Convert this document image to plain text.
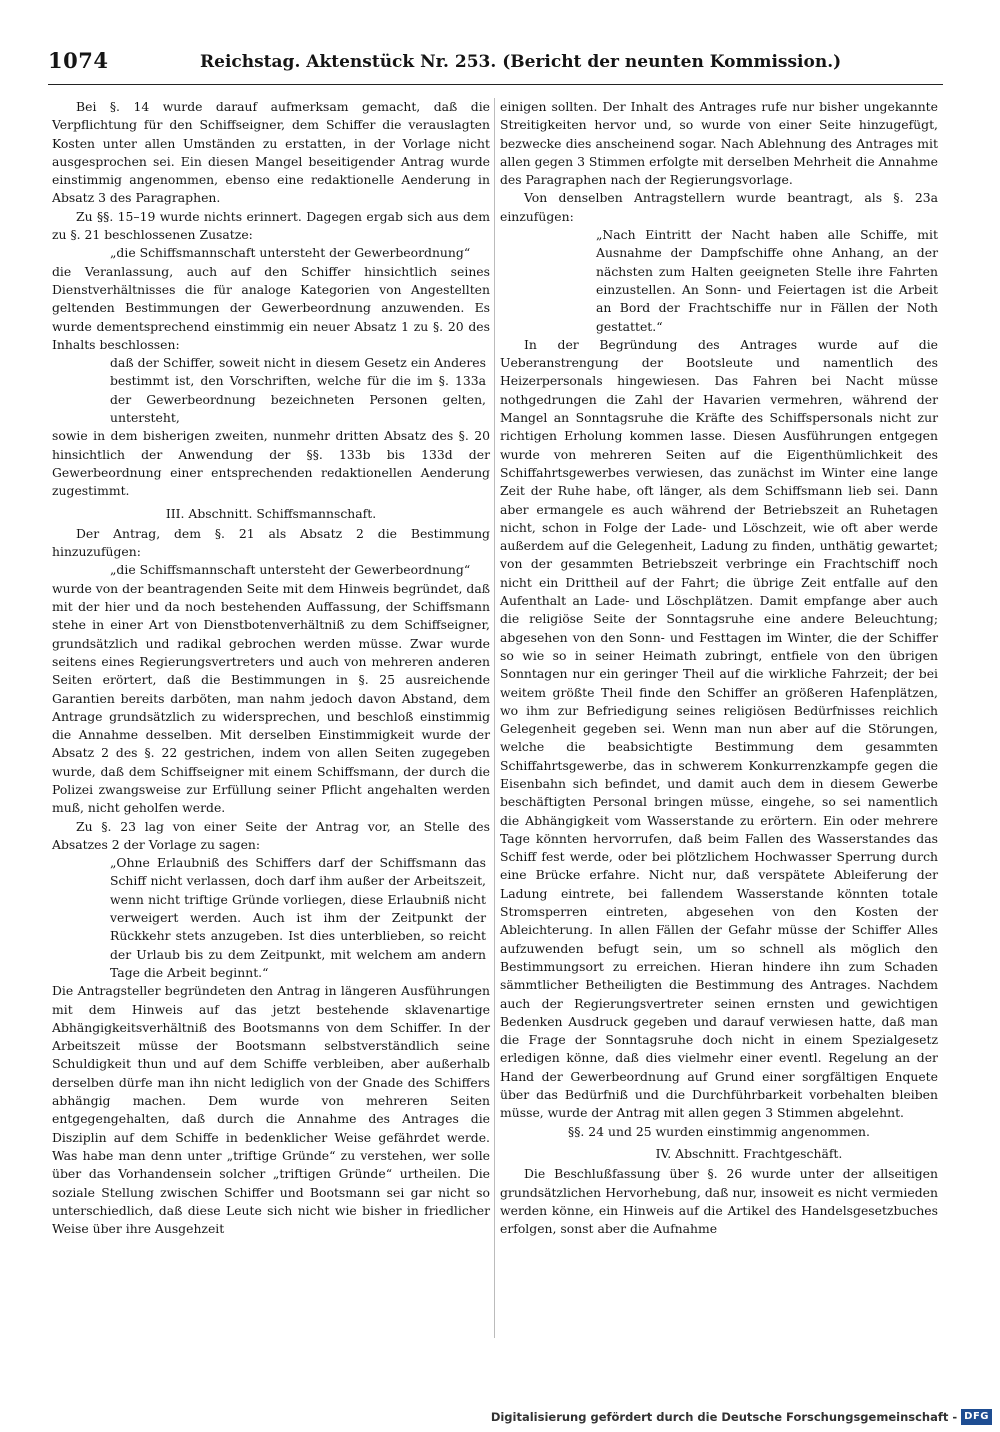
1074	Reichstag. Aktenstück Nr. 253. (Bericht der neunten Kommission.)

Bei §. 14 wurde darauf aufmerksam gemacht, daß die Verpflichtung für den Schiffseigner, dem Schiffer die verauslagten Kosten unter allen Umständen zu erstatten, in der Vorlage nicht ausgesprochen sei. Ein diesen Mangel beseitigender Antrag wurde einstimmig angenommen, ebenso eine redaktionelle Aenderung in Absatz 3 des Paragraphen.

Zu §§. 15–19 wurde nichts erinnert. Dagegen ergab sich aus dem zu §. 21 beschlossenen Zusatze:

„die Schiffsmannschaft untersteht der Gewerbeordnung“

die Veranlassung, auch auf den Schiffer hinsichtlich seines Dienstverhältnisses die für analoge Kategorien von Angestellten geltenden Bestimmungen der Gewerbeordnung anzuwenden. Es wurde dementsprechend einstimmig ein neuer Absatz 1 zu §. 20 des Inhalts beschlossen:

daß der Schiffer, soweit nicht in diesem Gesetz ein Anderes bestimmt ist, den Vorschriften, welche für die im §. 133a der Gewerbeordnung bezeichneten Personen gelten, untersteht,

sowie in dem bisherigen zweiten, nunmehr dritten Absatz des §. 20 hinsichtlich der Anwendung der §§. 133b bis 133d der Gewerbeordnung einer entsprechenden redaktionellen Aenderung zugestimmt.

III. Abschnitt. Schiffsmannschaft.

Der Antrag, dem §. 21 als Absatz 2 die Bestimmung hinzuzufügen:

„die Schiffsmannschaft untersteht der Gewerbeordnung“

wurde von der beantragenden Seite mit dem Hinweis begründet, daß mit der hier und da noch bestehenden Auffassung, der Schiffsmann stehe in einer Art von Dienstbotenverhältniß zu dem Schiffseigner, grundsätzlich und radikal gebrochen werden müsse. Zwar wurde seitens eines Regierungsvertreters und auch von mehreren anderen Seiten erörtert, daß die Bestimmungen in §. 25 ausreichende Garantien bereits darböten, man nahm jedoch davon Abstand, dem Antrage grundsätzlich zu widersprechen, und beschloß einstimmig die Annahme desselben. Mit derselben Einstimmigkeit wurde der Absatz 2 des §. 22 gestrichen, indem von allen Seiten zugegeben wurde, daß dem Schiffseigner mit einem Schiffsmann, der durch die Polizei zwangsweise zur Erfüllung seiner Pflicht angehalten werden muß, nicht geholfen werde.

Zu §. 23 lag von einer Seite der Antrag vor, an Stelle des Absatzes 2 der Vorlage zu sagen:

„Ohne Erlaubniß des Schiffers darf der Schiffsmann das Schiff nicht verlassen, doch darf ihm außer der Arbeitszeit, wenn nicht triftige Gründe vorliegen, diese Erlaubniß nicht verweigert werden. Auch ist ihm der Zeitpunkt der Rückkehr stets anzugeben. Ist dies unterblieben, so reicht der Urlaub bis zu dem Zeitpunkt, mit welchem am andern Tage die Arbeit beginnt.“

Die Antragsteller begründeten den Antrag in längeren Ausführungen mit dem Hinweis auf das jetzt bestehende sklavenartige Abhängigkeitsverhältniß des Bootsmanns von dem Schiffer. In der Arbeitszeit müsse der Bootsmann selbstverständlich seine Schuldigkeit thun und auf dem Schiffe verbleiben, aber außerhalb derselben dürfe man ihn nicht lediglich von der Gnade des Schiffers abhängig machen. Dem wurde von mehreren Seiten entgegengehalten, daß durch die Annahme des Antrages die Disziplin auf dem Schiffe in bedenklicher Weise gefährdet werde. Was habe man denn unter „triftige Gründe“ zu verstehen, wer solle über das Vorhandensein solcher „triftigen Gründe“ urtheilen. Die soziale Stellung zwischen Schiffer und Bootsmann sei gar nicht so unterschiedlich, daß diese Leute sich nicht wie bisher in friedlicher Weise über ihre Ausgehzeit

einigen sollten. Der Inhalt des Antrages rufe nur bisher ungekannte Streitigkeiten hervor und, so wurde von einer Seite hinzugefügt, bezwecke dies anscheinend sogar. Nach Ablehnung des Antrages mit allen gegen 3 Stimmen erfolgte mit derselben Mehrheit die Annahme des Paragraphen nach der Regierungsvorlage.

Von denselben Antragstellern wurde beantragt, als §. 23a einzufügen:

„Nach Eintritt der Nacht haben alle Schiffe, mit Ausnahme der Dampfschiffe ohne Anhang, an der nächsten zum Halten geeigneten Stelle ihre Fahrten einzustellen. An Sonn- und Feiertagen ist die Arbeit an Bord der Frachtschiffe nur in Fällen der Noth gestattet.“

In der Begründung des Antrages wurde auf die Ueberanstrengung der Bootsleute und namentlich des Heizerpersonals hingewiesen. Das Fahren bei Nacht müsse nothgedrungen die Zahl der Havarien vermehren, während der Mangel an Sonntagsruhe die Kräfte des Schiffspersonals nicht zur richtigen Erholung kommen lasse. Diesen Ausführungen entgegen wurde von mehreren Seiten auf die Eigenthümlichkeit des Schiffahrtsgewerbes verwiesen, das zunächst im Winter eine lange Zeit der Ruhe habe, oft länger, als dem Schiffsmann lieb sei. Dann aber ermangele es auch während der Betriebszeit an Ruhetagen nicht, schon in Folge der Lade- und Löschzeit, wie oft aber werde außerdem auf die Gelegenheit, Ladung zu finden, unthätig gewartet; von der gesammten Betriebszeit verbringe ein Frachtschiff noch nicht ein Drittheil auf der Fahrt; die übrige Zeit entfalle auf den Aufenthalt an Lade- und Löschplätzen. Damit empfange aber auch die religiöse Seite der Sonntagsruhe eine andere Beleuchtung; abgesehen von den Sonn- und Festtagen im Winter, die der Schiffer so wie so in seiner Heimath zubringt, entfiele von den übrigen Sonntagen nur ein geringer Theil auf die wirkliche Fahrzeit; der bei weitem größte Theil finde den Schiffer an größeren Hafenplätzen, wo ihm zur Befriedigung seines religiösen Bedürfnisses reichlich Gelegenheit gegeben sei. Wenn man nun aber auf die Störungen, welche die beabsichtigte Bestimmung dem gesammten Schiffahrtsgewerbe, das in schwerem Konkurrenzkampfe gegen die Eisenbahn sich befindet, und damit auch dem in diesem Gewerbe beschäftigten Personal bringen müsse, eingehe, so sei namentlich die Abhängigkeit vom Wasserstande zu erörtern. Ein oder mehrere Tage könnten hervorrufen, daß beim Fallen des Wasserstandes das Schiff fest werde, oder bei plötzlichem Hochwasser Sperrung durch eine Brücke erfahre. Nicht nur, daß verspätete Ableiferung der Ladung eintrete, bei fallendem Wasserstande könnten totale Stromsperren eintreten, abgesehen von den Kosten der Ableichterung. In allen Fällen der Gefahr müsse der Schiffer Alles aufzuwenden befugt sein, um so schnell als möglich den Bestimmungsort zu erreichen. Hieran hindere ihn zum Schaden sämmtlicher Betheiligten die Bestimmung des Antrages. Nachdem auch der Regierungsvertreter seinen ernsten und gewichtigen Bedenken Ausdruck gegeben und darauf verwiesen hatte, daß man die Frage der Sonntagsruhe doch nicht in einem Spezialgesetz erledigen könne, daß dies vielmehr einer eventl. Regelung an der Hand der Gewerbeordnung auf Grund einer sorgfältigen Enquete über das Bedürfniß und die Durchführbarkeit vorbehalten bleiben müsse, wurde der Antrag mit allen gegen 3 Stimmen abgelehnt.

§§. 24 und 25 wurden einstimmig angenommen.

IV. Abschnitt. Frachtgeschäft.

Die Beschlußfassung über §. 26 wurde unter der allseitigen grundsätzlichen Hervorhebung, daß nur, insoweit es nicht vermieden werden könne, ein Hinweis auf die Artikel des Handelsgesetzbuches erfolgen, sonst aber die Aufnahme

Digitalisierung gefördert durch die Deutsche Forschungsgemeinschaft - DFG
